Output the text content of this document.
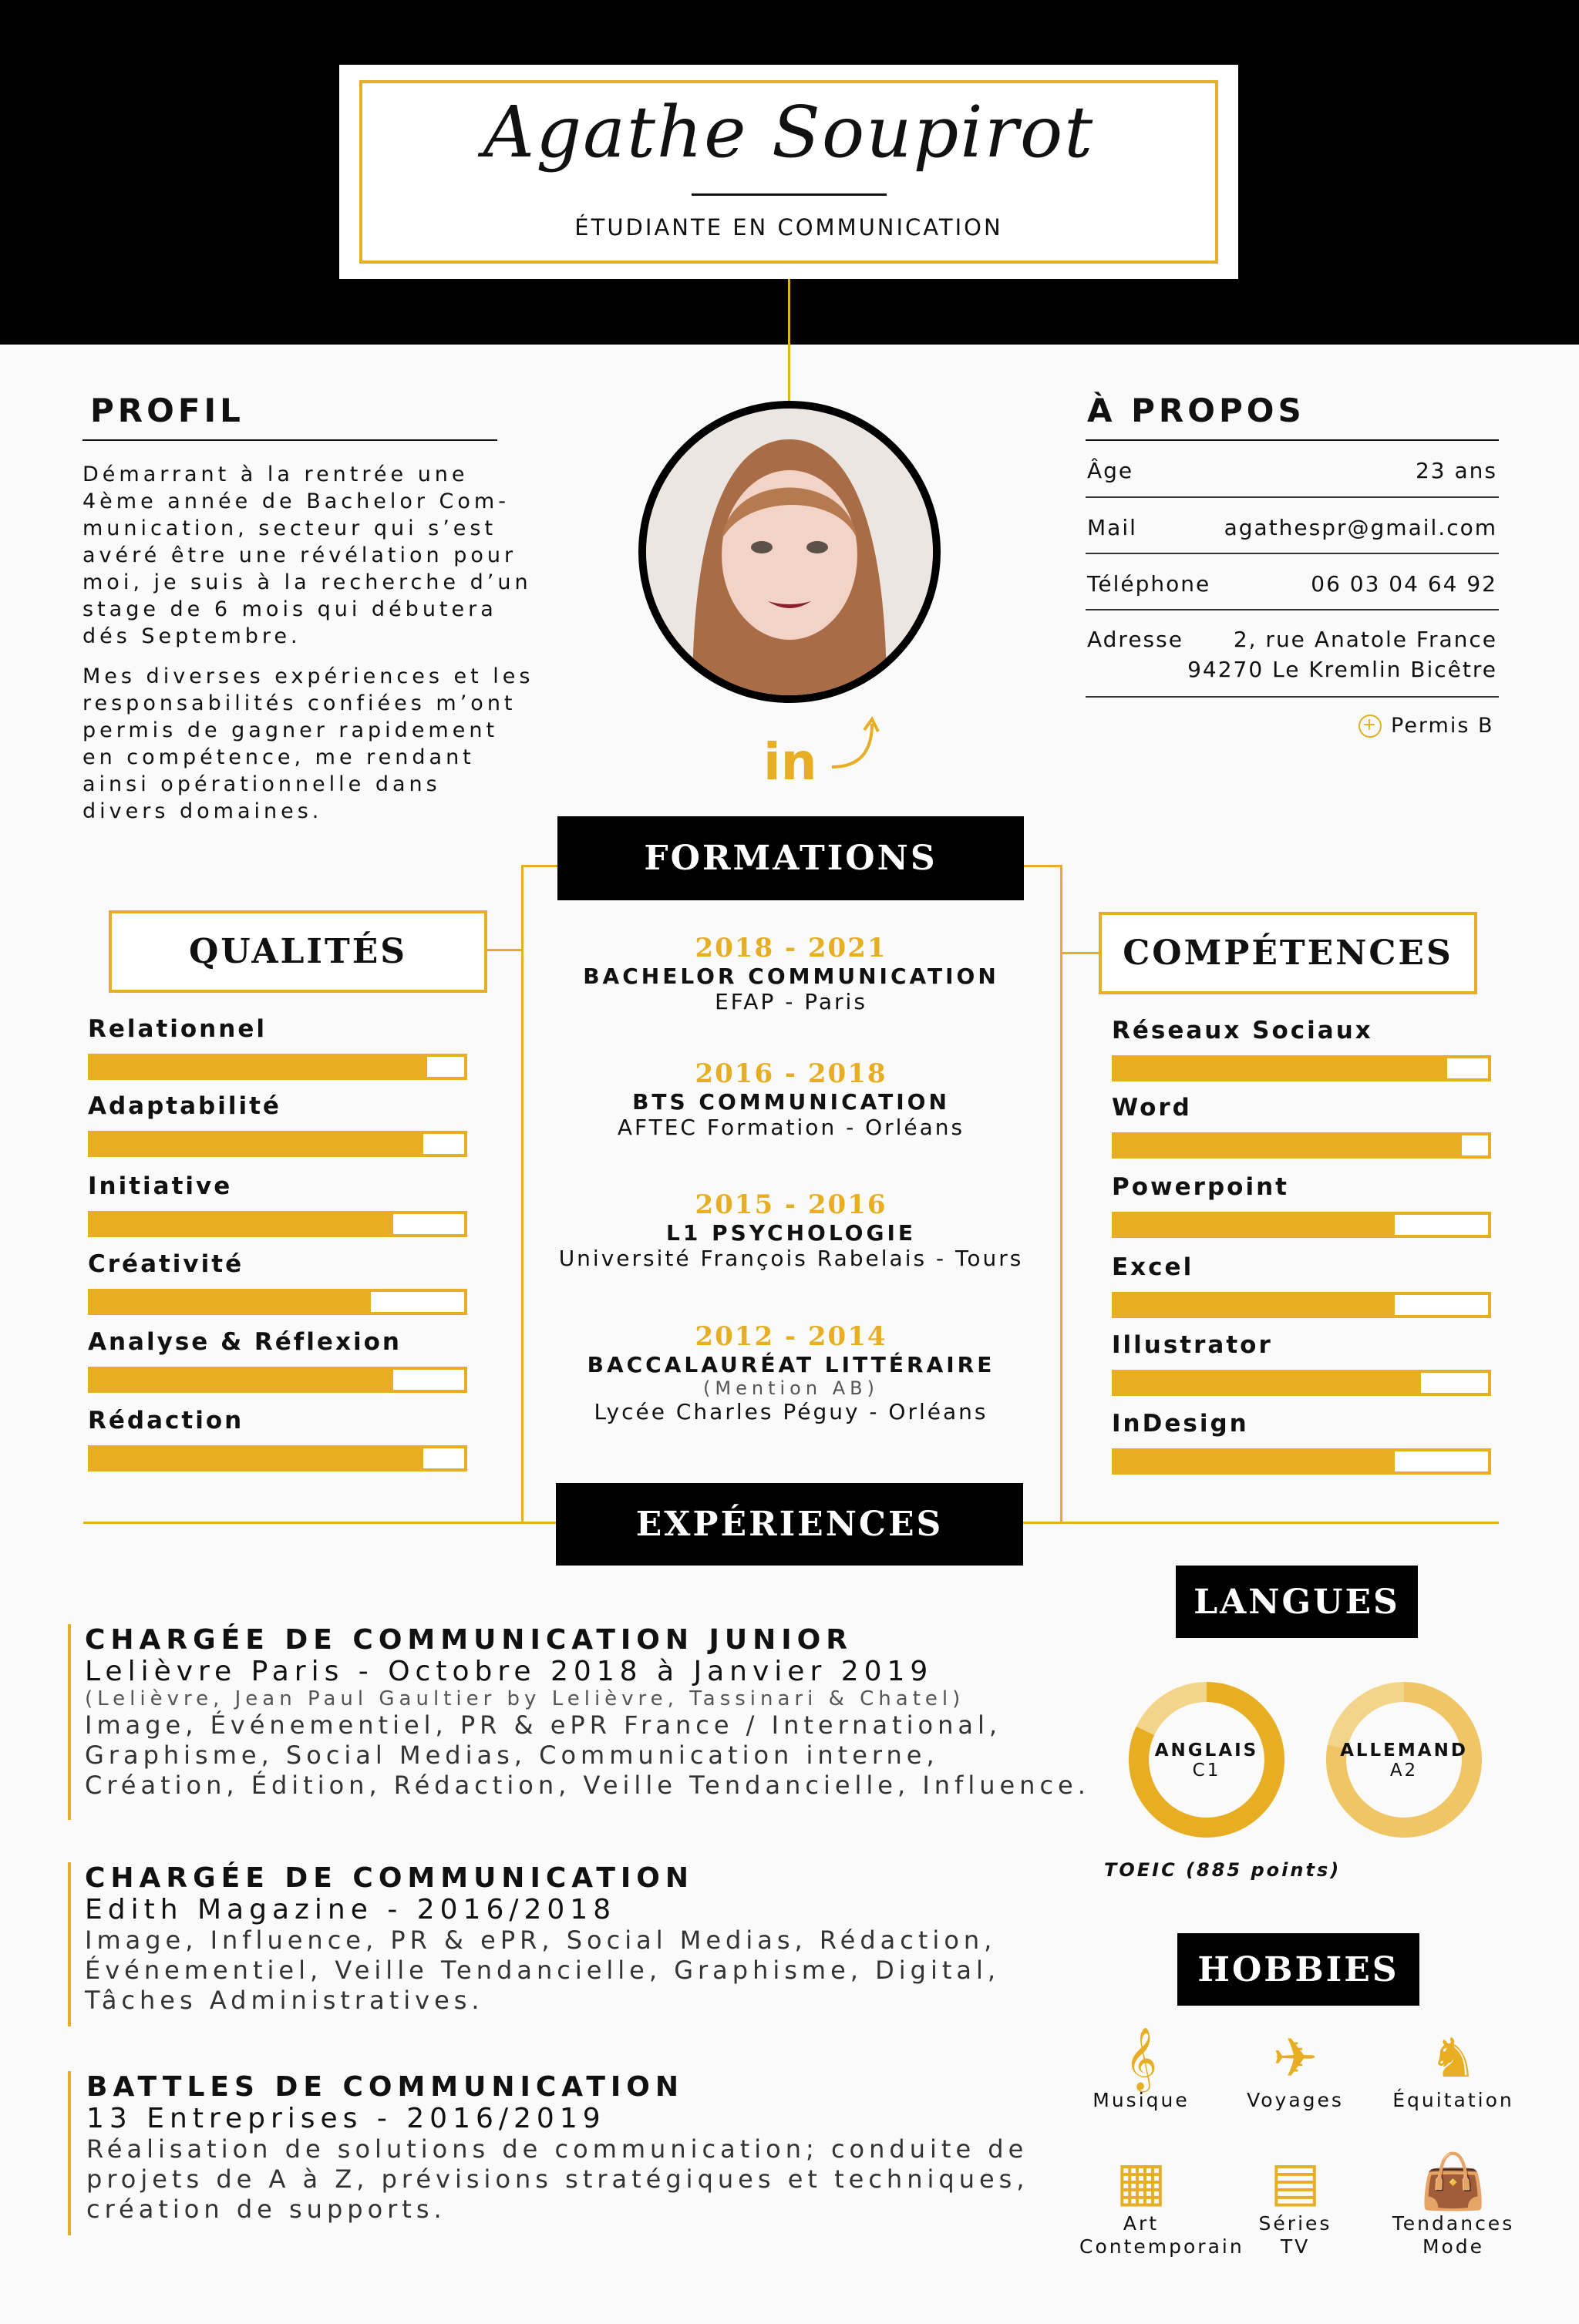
Agathe Soupirot
ÉTUDIANTE EN COMMUNICATION
PROFIL
Démarrant à la rentrée une
4ème année de Bachelor Com-
munication, secteur qui s’est
avéré être une révélation pour
moi, je suis à la recherche d’un
stage de 6 mois qui débutera
dés Septembre.
Mes diverses expériences et les
responsabilités confiées m’ont
permis de gagner rapidement
en compétence, me rendant
ainsi opérationnelle dans
divers domaines.
in
À PROPOS
Âge	23 ans
Mail	agathespr@gmail.com
Téléphone	06 03 04 64 92
Adresse 2, rue Anatole France
94270 Le Kremlin Bicêtre
+ Permis B
FORMATIONS
2018 - 2021
BACHELOR COMMUNICATION
EFAP - Paris
2016 - 2018
BTS COMMUNICATION
AFTEC Formation - Orléans
2015 - 2016
L1 PSYCHOLOGIE
Université François Rabelais - Tours
2012 - 2014
BACCALAURÉAT LITTÉRAIRE
(Mention AB)
Lycée Charles Péguy - Orléans
QUALITÉS
Relationnel
Adaptabilité
Initiative
Créativité
Analyse & Réflexion
Rédaction
COMPÉTENCES
Réseaux Sociaux
Word
Powerpoint
Excel
Illustrator
InDesign
EXPÉRIENCES
CHARGÉE DE COMMUNICATION JUNIOR
Lelièvre Paris - Octobre 2018 à Janvier 2019
(Lelièvre, Jean Paul Gaultier by Lelièvre, Tassinari & Chatel)
Image, Événementiel, PR & ePR France / International,
Graphisme, Social Medias, Communication interne,
Création, Édition, Rédaction, Veille Tendancielle, Influence.
CHARGÉE DE COMMUNICATION
Edith Magazine - 2016/2018
Image, Influence, PR & ePR, Social Medias, Rédaction,
Événementiel, Veille Tendancielle, Graphisme, Digital,
Tâches Administratives.
BATTLES DE COMMUNICATION
13 Entreprises - 2016/2019
Réalisation de solutions de communication; conduite de
projets de A à Z, prévisions stratégiques et techniques,
création de supports.
LANGUES
ANGLAIS
C1
ALLEMAND
A2
TOEIC (885 points)
HOBBIES
𝄞
Musique
✈
Voyages
♞
Équitation
▦
Art
Contemporain
▤
Séries
TV
👜
Tendances
Mode
